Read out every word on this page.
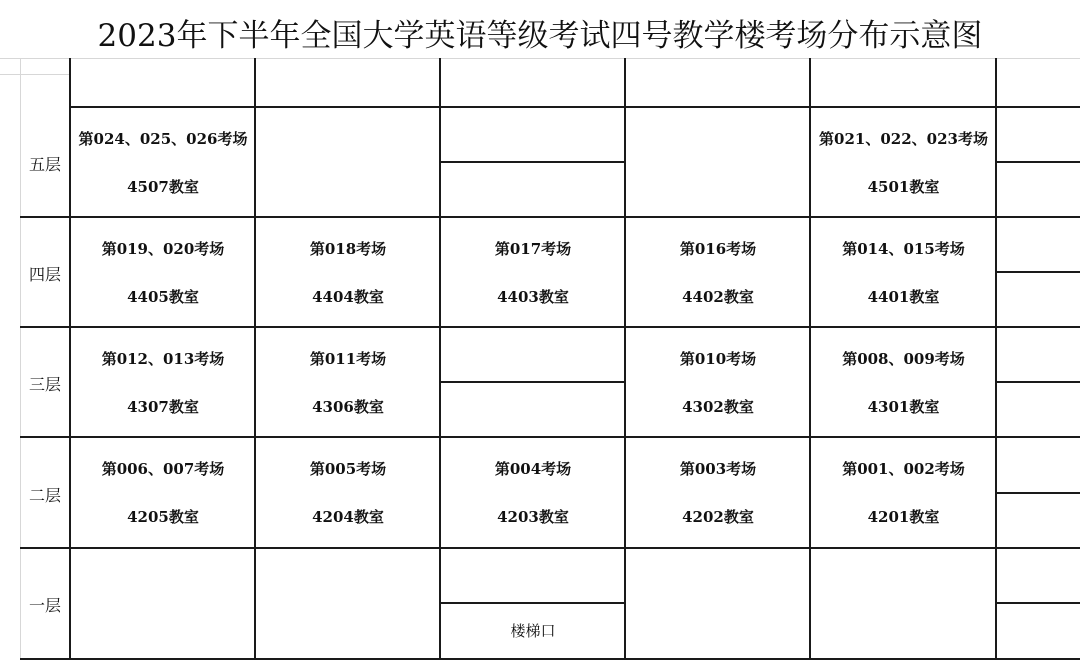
2023年下半年全国大学英语等级考试四号教学楼考场分布示意图
五层
四层
三层
二层
一层
第024、025、026考场
4507教室
第021、022、023考场
4501教室
第019、020考场
4405教室
第018考场
4404教室
第017考场
4403教室
第016考场
4402教室
第014、015考场
4401教室
第012、013考场
4307教室
第011考场
4306教室
第010考场
4302教室
第008、009考场
4301教室
第006、007考场
4205教室
第005考场
4204教室
第004考场
4203教室
第003考场
4202教室
第001、002考场
4201教室
楼梯口
